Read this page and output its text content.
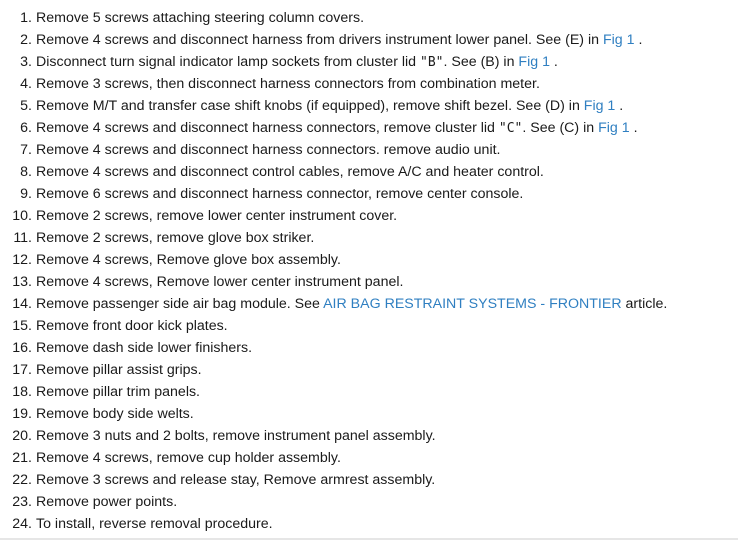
1. Remove 5 screws attaching steering column covers.
2. Remove 4 screws and disconnect harness from drivers instrument lower panel. See (E) in Fig 1 .
3. Disconnect turn signal indicator lamp sockets from cluster lid "B". See (B) in Fig 1 .
4. Remove 3 screws, then disconnect harness connectors from combination meter.
5. Remove M/T and transfer case shift knobs (if equipped), remove shift bezel. See (D) in Fig 1 .
6. Remove 4 screws and disconnect harness connectors, remove cluster lid "C". See (C) in Fig 1 .
7. Remove 4 screws and disconnect harness connectors. remove audio unit.
8. Remove 4 screws and disconnect control cables, remove A/C and heater control.
9. Remove 6 screws and disconnect harness connector, remove center console.
10. Remove 2 screws, remove lower center instrument cover.
11. Remove 2 screws, remove glove box striker.
12. Remove 4 screws, Remove glove box assembly.
13. Remove 4 screws, Remove lower center instrument panel.
14. Remove passenger side air bag module. See AIR BAG RESTRAINT SYSTEMS - FRONTIER article.
15. Remove front door kick plates.
16. Remove dash side lower finishers.
17. Remove pillar assist grips.
18. Remove pillar trim panels.
19. Remove body side welts.
20. Remove 3 nuts and 2 bolts, remove instrument panel assembly.
21. Remove 4 screws, remove cup holder assembly.
22. Remove 3 screws and release stay, Remove armrest assembly.
23. Remove power points.
24. To install, reverse removal procedure.
